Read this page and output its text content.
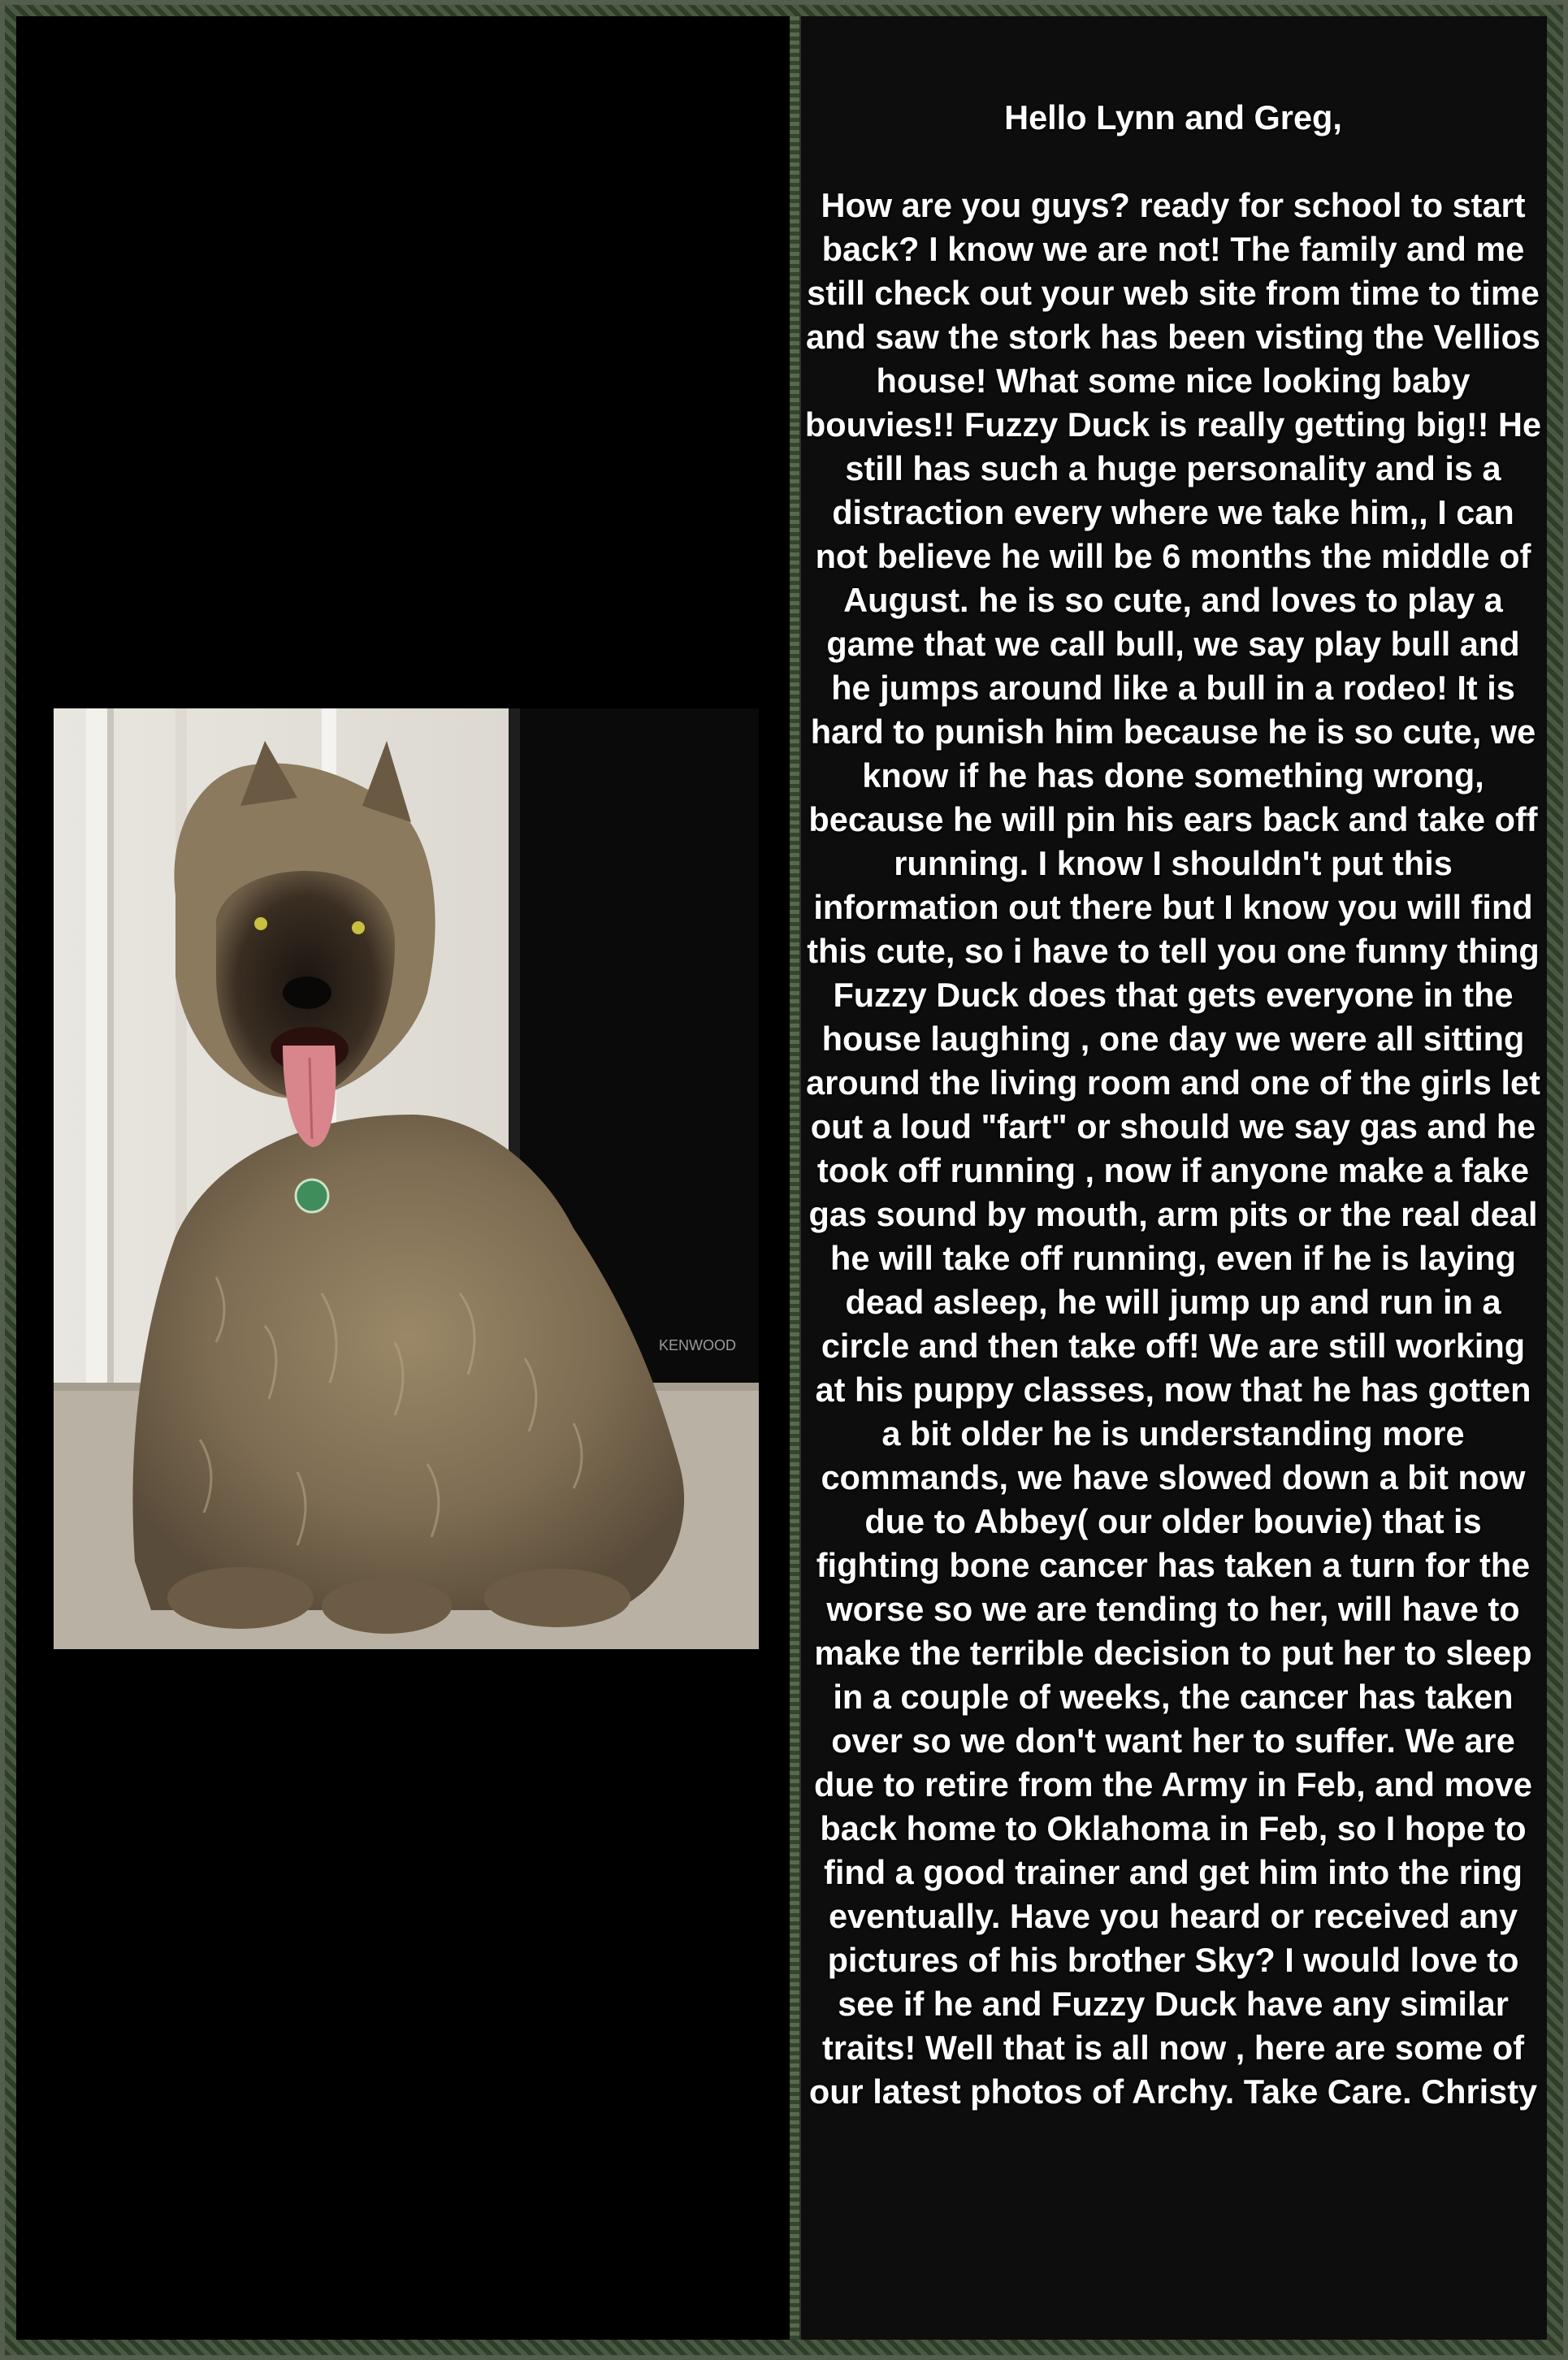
KENWOOD

Hello Lynn and Greg,

How are you guys? ready for school to start back? I know we are not! The family and me still check out your web site from time to time and saw the stork has been visting the Vellios house! What some nice looking baby bouvies!! Fuzzy Duck is really getting big!! He still has such a huge personality and is a distraction every where we take him,, I can not believe he will be 6 months the middle of August. he is so cute, and loves to play a game that we call bull, we say play bull and he jumps around like a bull in a rodeo! It is hard to punish him because he is so cute, we know if he has done something wrong, because he will pin his ears back and take off running. I know I shouldn't put this information out there but I know you will find this cute, so i have to tell you one funny thing Fuzzy Duck does that gets everyone in the house laughing , one day we were all sitting around the living room and one of the girls let out a loud "fart" or should we say gas and he took off running , now if anyone make a fake gas sound by mouth, arm pits or the real deal he will take off running, even if he is laying dead asleep, he will jump up and run in a circle and then take off! We are still working at his puppy classes, now that he has gotten a bit older he is understanding more commands, we have slowed down a bit now due to Abbey( our older bouvie) that is fighting bone cancer has taken a turn for the worse so we are tending to her, will have to make the terrible decision to put her to sleep in a couple of weeks, the cancer has taken over so we don't want her to suffer. We are due to retire from the Army in Feb, and move back home to Oklahoma in Feb, so I hope to find a good trainer and get him into the ring eventually. Have you heard or received any pictures of his brother Sky? I would love to see if he and Fuzzy Duck have any similar traits! Well that is all now , here are some of our latest photos of Archy. Take Care. Christy
